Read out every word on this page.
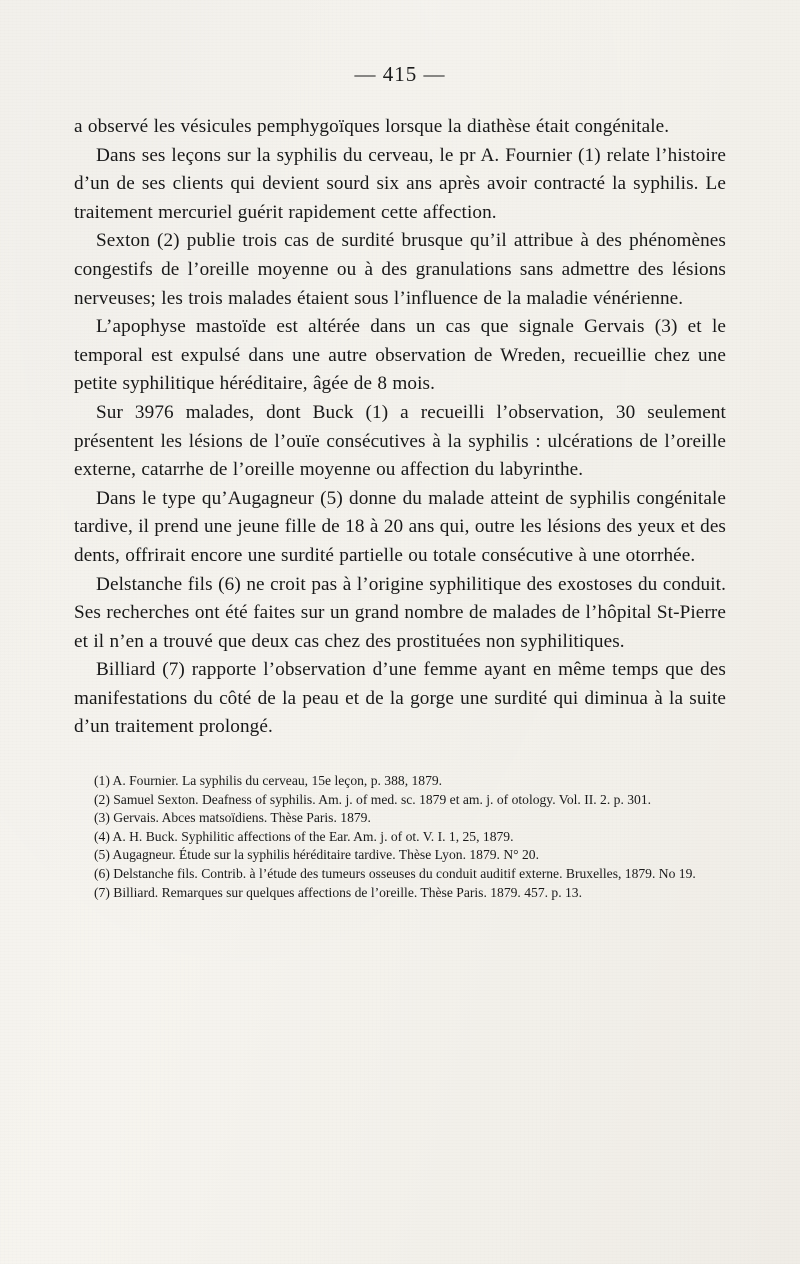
— 415 —

a observé les vésicules pemphygoïques lorsque la diathèse était congénitale.

Dans ses leçons sur la syphilis du cerveau, le pr A. Fournier (1) relate l’histoire d’un de ses clients qui devient sourd six ans après avoir contracté la syphilis. Le traitement mercuriel guérit rapidement cette affection.

Sexton (2) publie trois cas de surdité brusque qu’il attribue à des phénomènes congestifs de l’oreille moyenne ou à des granulations sans admettre des lésions nerveuses; les trois malades étaient sous l’influence de la maladie vénérienne.

L’apophyse mastoïde est altérée dans un cas que signale Gervais (3) et le temporal est expulsé dans une autre observation de Wreden, recueillie chez une petite syphilitique héréditaire, âgée de 8 mois.

Sur 3976 malades, dont Buck (1) a recueilli l’observation, 30 seulement présentent les lésions de l’ouïe consécutives à la syphilis : ulcérations de l’oreille externe, catarrhe de l’oreille moyenne ou affection du labyrinthe.

Dans le type qu’Augagneur (5) donne du malade atteint de syphilis congénitale tardive, il prend une jeune fille de 18 à 20 ans qui, outre les lésions des yeux et des dents, offrirait encore une surdité partielle ou totale consécutive à une otorrhée.

Delstanche fils (6) ne croit pas à l’origine syphilitique des exostoses du conduit. Ses recherches ont été faites sur un grand nombre de malades de l’hôpital St-Pierre et il n’en a trouvé que deux cas chez des prostituées non syphilitiques.

Billiard (7) rapporte l’observation d’une femme ayant en même temps que des manifestations du côté de la peau et de la gorge une surdité qui diminua à la suite d’un traitement prolongé.

(1) A. Fournier. La syphilis du cerveau, 15e leçon, p. 388, 1879.

(2) Samuel Sexton. Deafness of syphilis. Am. j. of med. sc. 1879 et am. j. of otology. Vol. II. 2. p. 301.

(3) Gervais. Abces matsoïdiens. Thèse Paris. 1879.

(4) A. H. Buck. Syphilitic affections of the Ear. Am. j. of ot. V. I. 1, 25, 1879.

(5) Augagneur. Étude sur la syphilis héréditaire tardive. Thèse Lyon. 1879. N° 20.

(6) Delstanche fils. Contrib. à l’étude des tumeurs osseuses du conduit auditif externe. Bruxelles, 1879. No 19.

(7) Billiard. Remarques sur quelques affections de l’oreille. Thèse Paris. 1879. 457. p. 13.
